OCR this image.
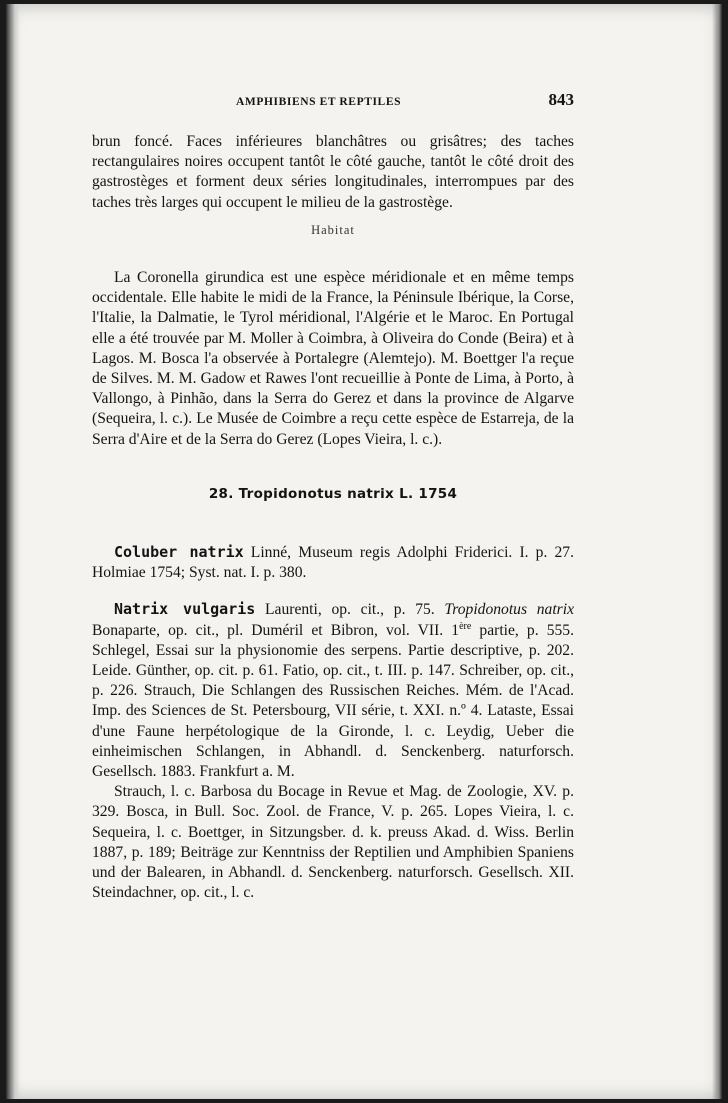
AMPHIBIENS ET REPTILES	843

brun foncé. Faces inférieures blanchâtres ou grisâtres; des taches rectangulaires noires occupent tantôt le côté gauche, tantôt le côté droit des gastrostèges et forment deux séries longitudinales, interrompues par des taches très larges qui occupent le milieu de la gastrostège.

Habitat

La Coronella girundica est une espèce méridionale et en même temps occidentale. Elle habite le midi de la France, la Péninsule Ibérique, la Corse, l'Italie, la Dalmatie, le Tyrol méridional, l'Algérie et le Maroc. En Portugal elle a été trouvée par M. Moller à Coimbra, à Oliveira do Conde (Beira) et à Lagos. M. Bosca l'a observée à Portalegre (Alemtejo). M. Boettger l'a reçue de Silves. M. M. Gadow et Rawes l'ont recueillie à Ponte de Lima, à Porto, à Vallongo, à Pinhão, dans la Serra do Gerez et dans la province de Algarve (Sequeira, l. c.). Le Musée de Coimbre a reçu cette espèce de Estarreja, de la Serra d'Aire et de la Serra do Gerez (Lopes Vieira, l. c.).

28. Tropidonotus natrix L. 1754

Coluber natrix Linné, Museum regis Adolphi Friderici. I. p. 27. Holmiae 1754; Syst. nat. I. p. 380.

Natrix vulgaris Laurenti, op. cit., p. 75. Tropidonotus natrix Bonaparte, op. cit., pl. Duméril et Bibron, vol. VII. 1ère partie, p. 555. Schlegel, Essai sur la physionomie des serpens. Partie descriptive, p. 202. Leide. Günther, op. cit. p. 61. Fatio, op. cit., t. III. p. 147. Schreiber, op. cit., p. 226. Strauch, Die Schlangen des Russischen Reiches. Mém. de l'Acad. Imp. des Sciences de St. Petersbourg, VII série, t. XXI. n.º 4. Lataste, Essai d'une Faune herpétologique de la Gironde, l. c. Leydig, Ueber die einheimischen Schlangen, in Abhandl. d. Senckenberg. naturforsch. Gesellsch. 1883. Frankfurt a. M.

Strauch, l. c. Barbosa du Bocage in Revue et Mag. de Zoologie, XV. p. 329. Bosca, in Bull. Soc. Zool. de France, V. p. 265. Lopes Vieira, l. c. Sequeira, l. c. Boettger, in Sitzungsber. d. k. preuss Akad. d. Wiss. Berlin 1887, p. 189; Beiträge zur Kenntniss der Reptilien und Amphibien Spaniens und der Balearen, in Abhandl. d. Senckenberg. naturforsch. Gesellsch. XII. Steindachner, op. cit., l. c.
